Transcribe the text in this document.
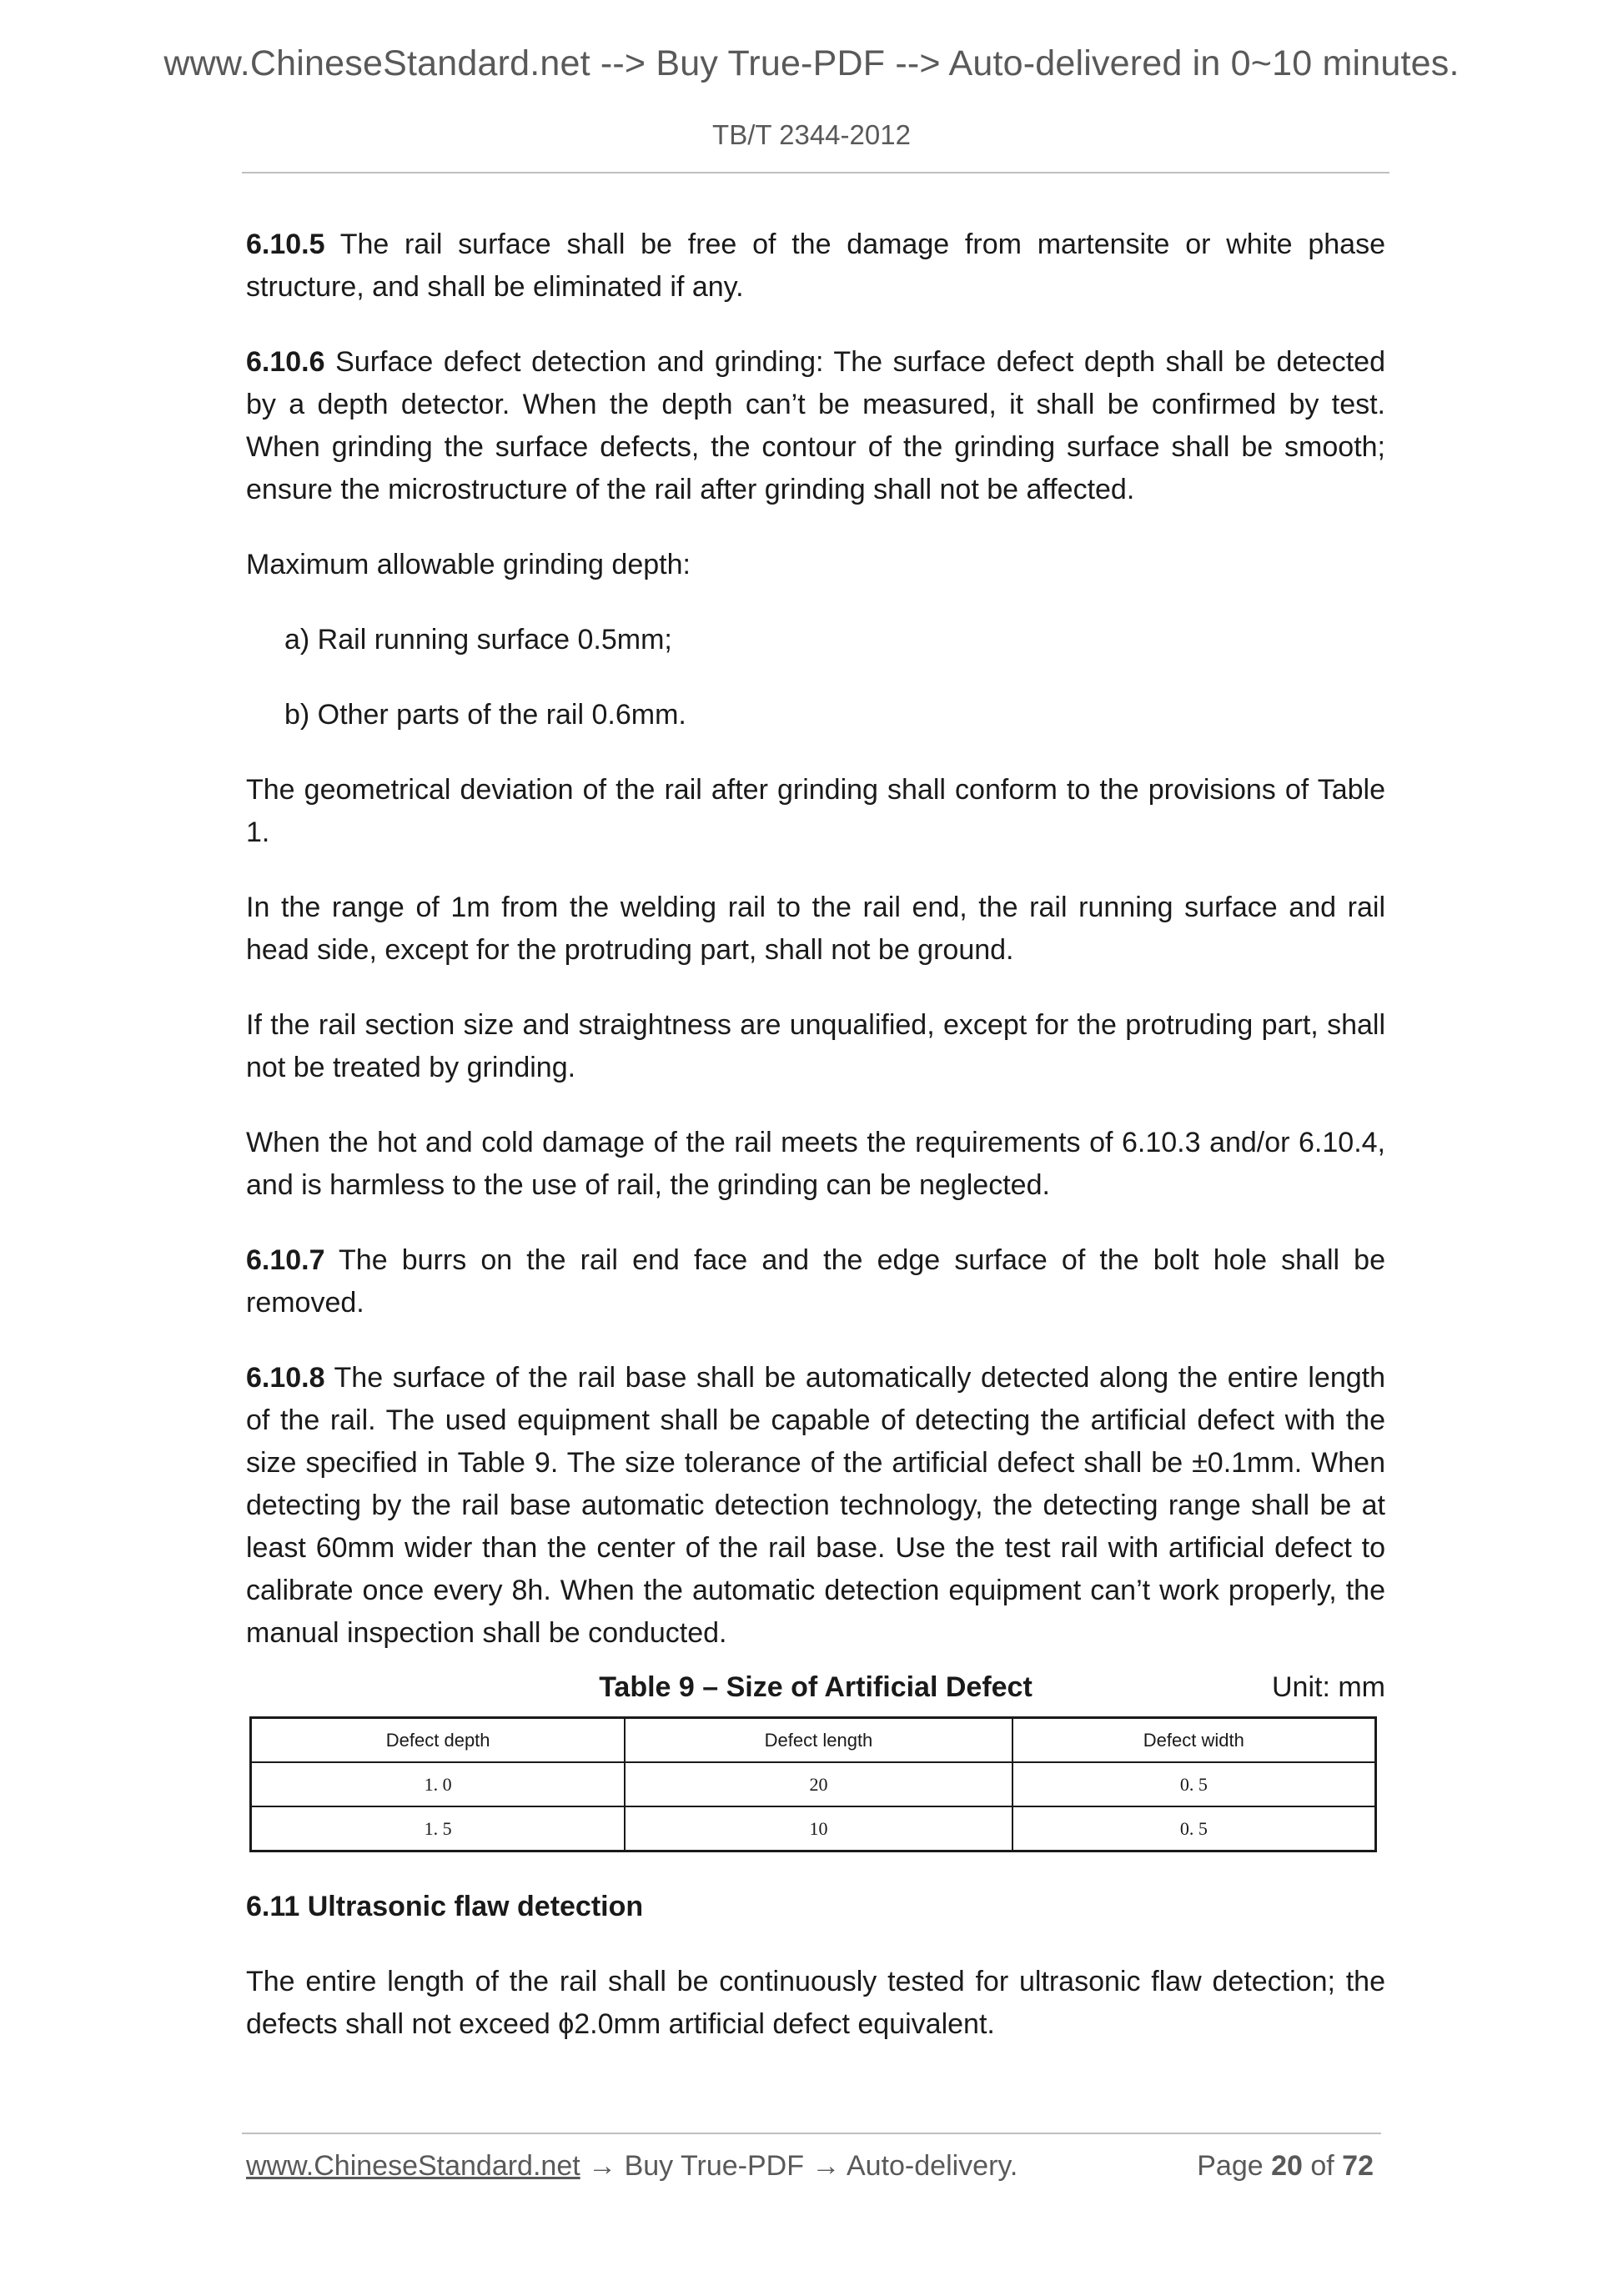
www.ChineseStandard.net --> Buy True-PDF --> Auto-delivered in 0~10 minutes.
TB/T 2344-2012

6.10.5 The rail surface shall be free of the damage from martensite or white phase structure, and shall be eliminated if any.

6.10.6 Surface defect detection and grinding: The surface defect depth shall be detected by a depth detector. When the depth can’t be measured, it shall be confirmed by test. When grinding the surface defects, the contour of the grinding surface shall be smooth; ensure the microstructure of the rail after grinding shall not be affected.

Maximum allowable grinding depth:

a) Rail running surface 0.5mm;

b) Other parts of the rail 0.6mm.

The geometrical deviation of the rail after grinding shall conform to the provisions of Table 1.

In the range of 1m from the welding rail to the rail end, the rail running surface and rail head side, except for the protruding part, shall not be ground.

If the rail section size and straightness are unqualified, except for the protruding part, shall not be treated by grinding.

When the hot and cold damage of the rail meets the requirements of 6.10.3 and/or 6.10.4, and is harmless to the use of rail, the grinding can be neglected.

6.10.7 The burrs on the rail end face and the edge surface of the bolt hole shall be removed.

6.10.8 The surface of the rail base shall be automatically detected along the entire length of the rail. The used equipment shall be capable of detecting the artificial defect with the size specified in Table 9. The size tolerance of the artificial defect shall be ±0.1mm. When detecting by the rail base automatic detection technology, the detecting range shall be at least 60mm wider than the center of the rail base. Use the test rail with artificial defect to calibrate once every 8h. When the automatic detection equipment can’t work properly, the manual inspection shall be conducted.

Table 9 – Size of Artificial Defect	Unit: mm
Defect depth	Defect length	Defect width
1. 0	20	0. 5
1. 5	10	0. 5

6.11 Ultrasonic flaw detection

The entire length of the rail shall be continuously tested for ultrasonic flaw detection; the defects shall not exceed ϕ2.0mm artificial defect equivalent.

www.ChineseStandard.net → Buy True-PDF → Auto-delivery.	Page 20 of 72
